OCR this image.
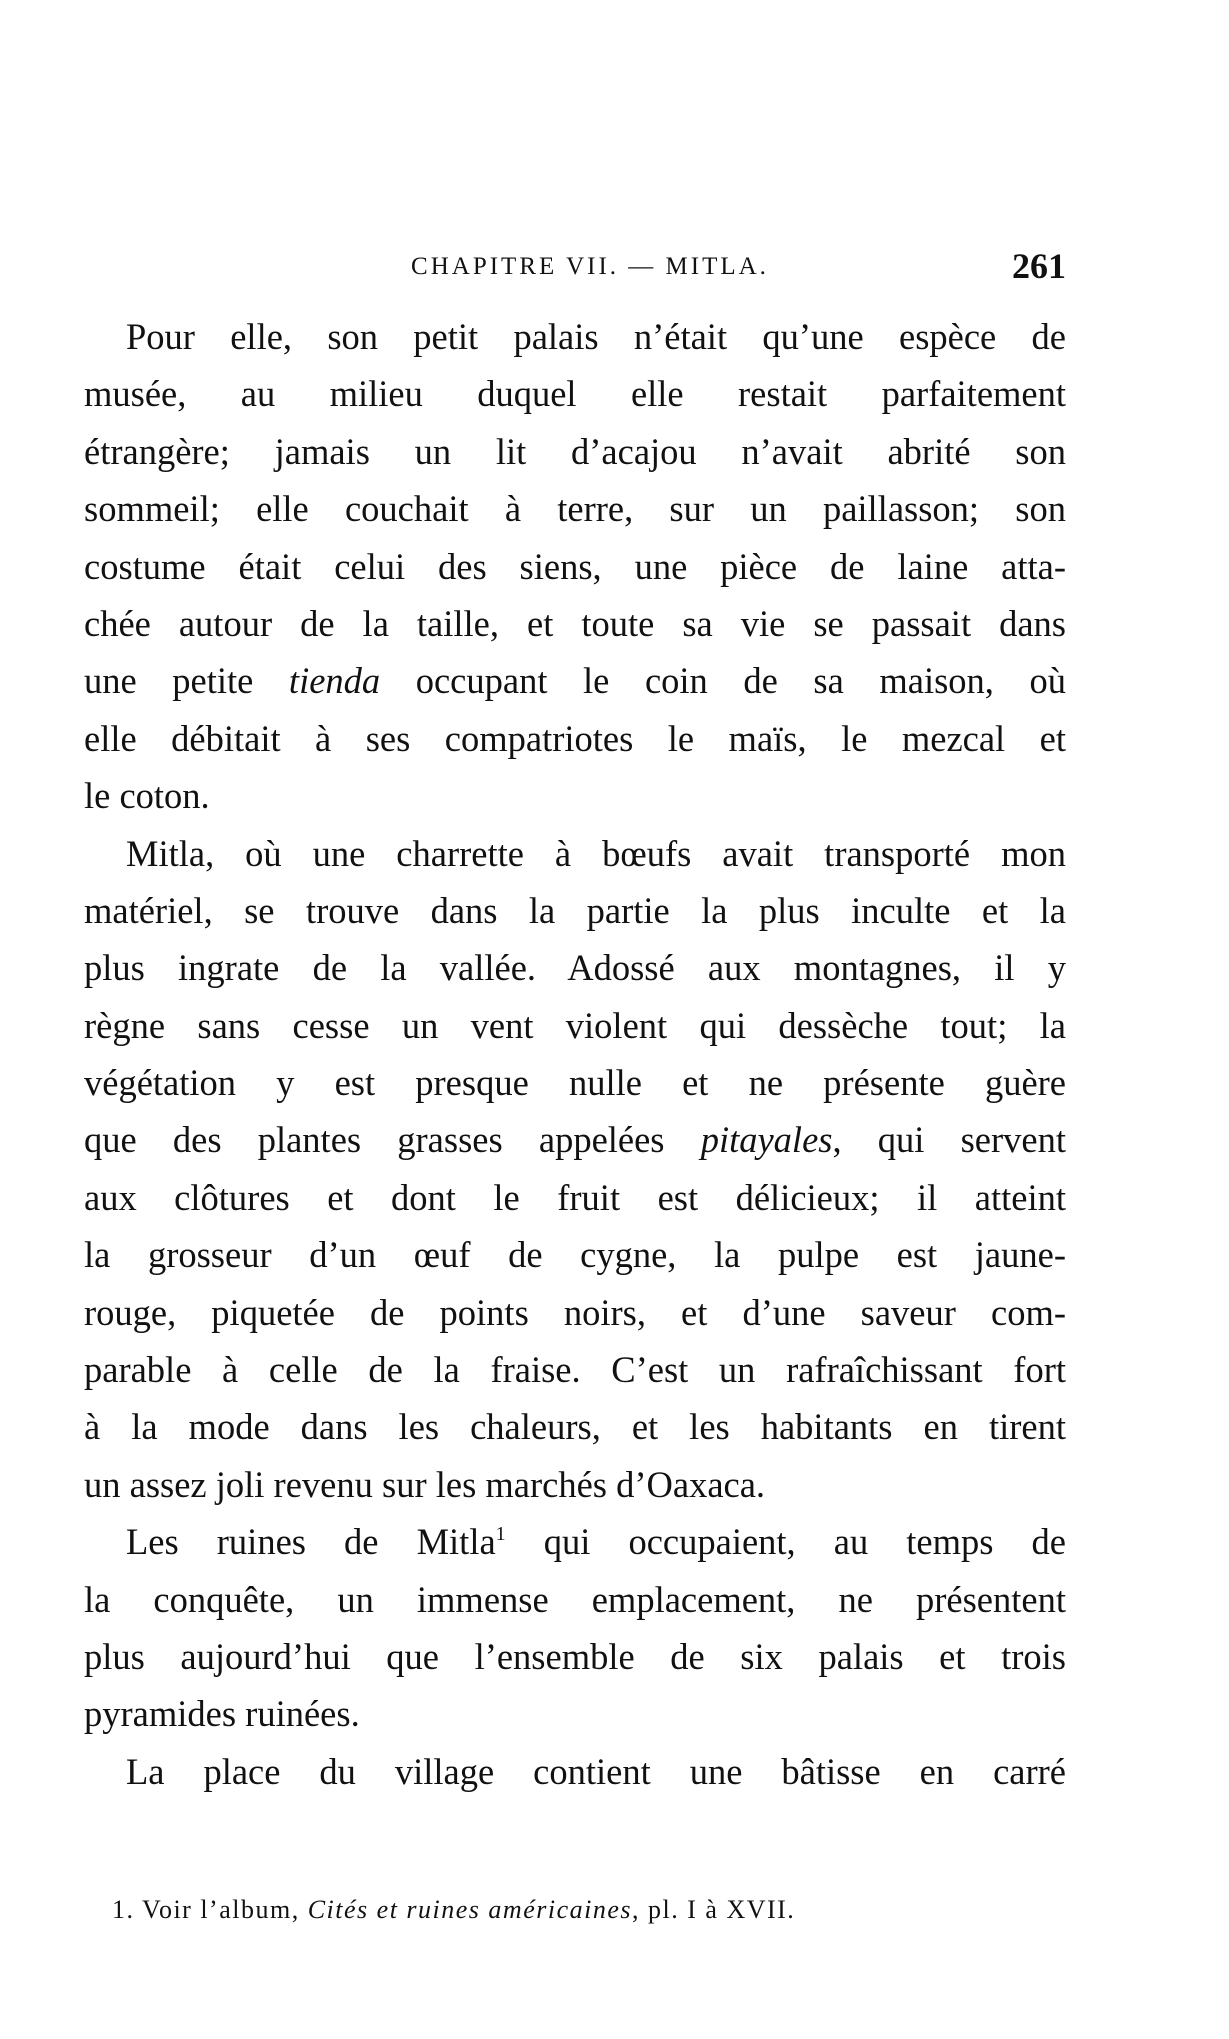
CHAPITRE VII. — MITLA.	261
Pour elle, son petit palais n’était qu’une espèce de
musée, au milieu duquel elle restait parfaitement
étrangère; jamais un lit d’acajou n’avait abrité son
sommeil; elle couchait à terre, sur un paillasson; son
costume était celui des siens, une pièce de laine atta-
chée autour de la taille, et toute sa vie se passait dans
une petite tienda occupant le coin de sa maison, où
elle débitait à ses compatriotes le maïs, le mezcal et
le coton.
Mitla, où une charrette à bœufs avait transporté mon
matériel, se trouve dans la partie la plus inculte et la
plus ingrate de la vallée. Adossé aux montagnes, il y
règne sans cesse un vent violent qui dessèche tout; la
végétation y est presque nulle et ne présente guère
que des plantes grasses appelées pitayales, qui servent
aux clôtures et dont le fruit est délicieux; il atteint
la grosseur d’un œuf de cygne, la pulpe est jaune-
rouge, piquetée de points noirs, et d’une saveur com-
parable à celle de la fraise. C’est un rafraîchissant fort
à la mode dans les chaleurs, et les habitants en tirent
un assez joli revenu sur les marchés d’Oaxaca.
Les ruines de Mitla$^1$ qui occupaient, au temps de
la conquête, un immense emplacement, ne présentent
plus aujourd’hui que l’ensemble de six palais et trois
pyramides ruinées.
La place du village contient une bâtisse en carré
1. Voir l’album, Cités et ruines américaines, pl. I à XVII.
